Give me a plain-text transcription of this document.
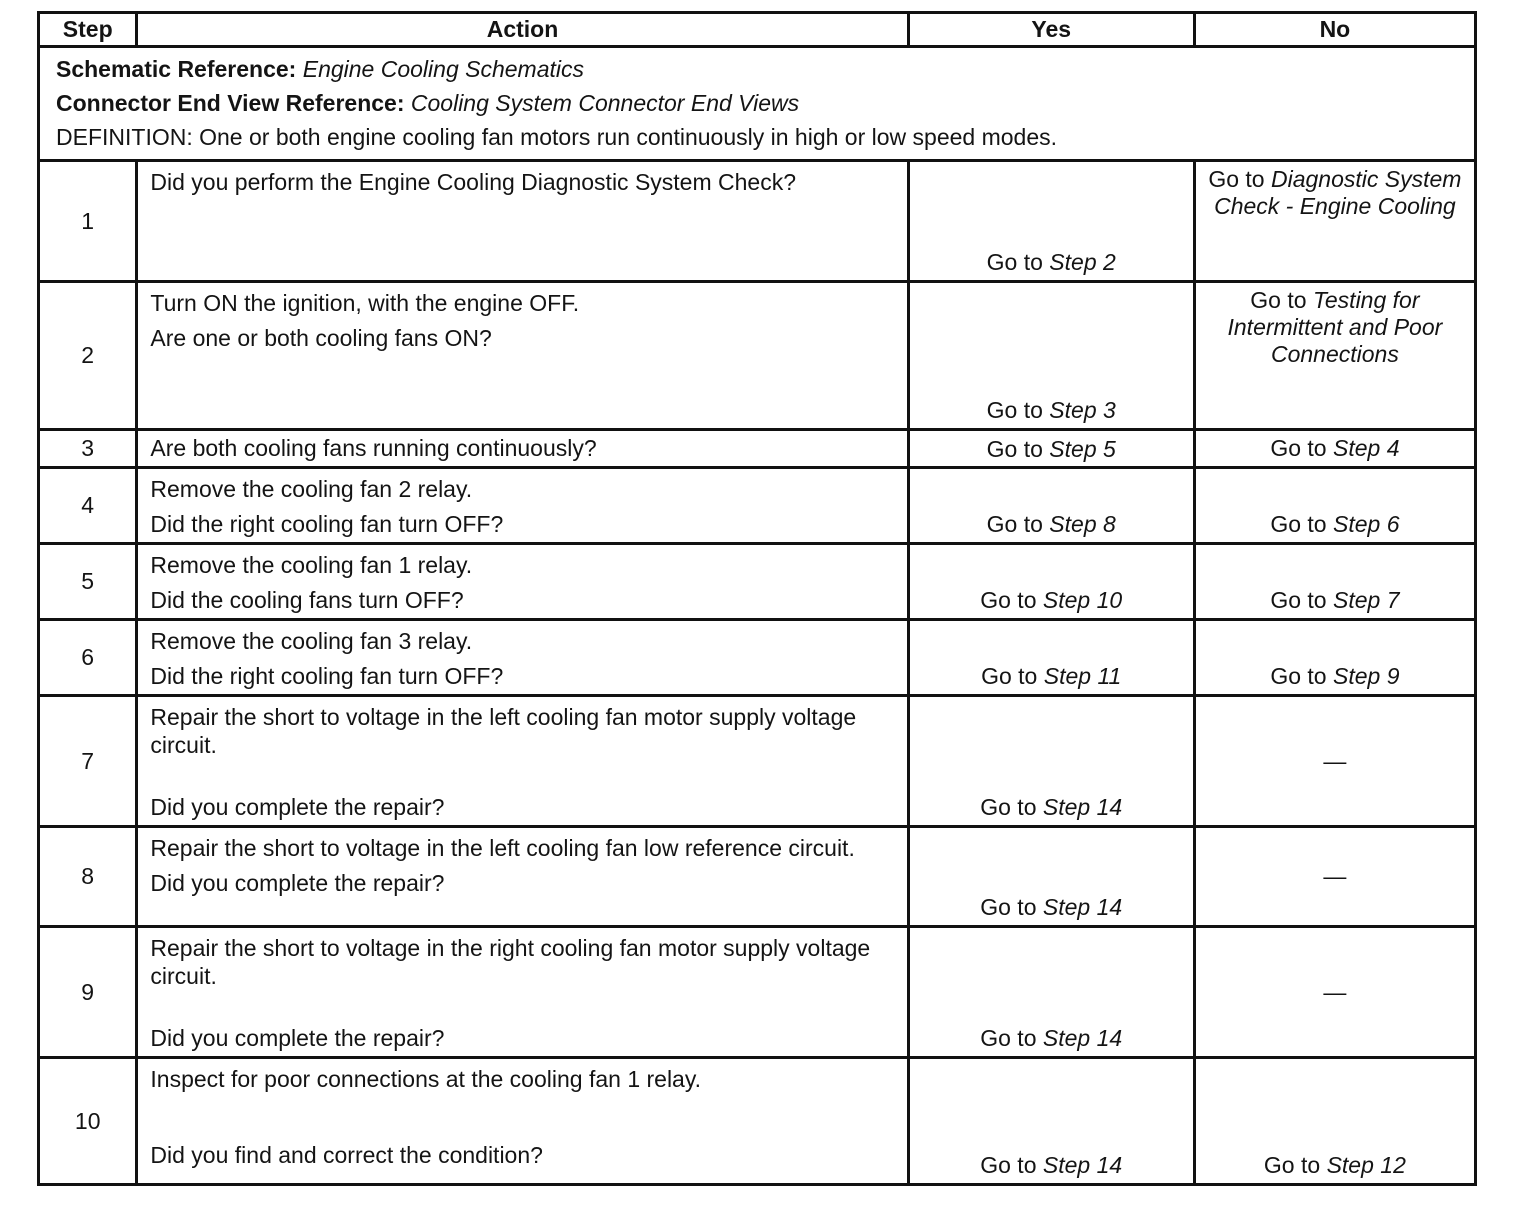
Step	Action	Yes	No

Schematic Reference: Engine Cooling Schematics
Connector End View Reference: Cooling System Connector End Views
DEFINITION: One or both engine cooling fan motors run continuously in high or low speed modes.			

1	Did you perform the Engine Cooling Diagnostic System Check?	Go to Step 2	Go to Diagnostic System Check - Engine Cooling
2	Turn ON the ignition, with the engine OFF.

Are one or both cooling fans ON?	Go to Step 3	Go to Testing for Intermittent and Poor Connections
3	Are both cooling fans running continuously?	Go to Step 5	Go to Step 4
4	Remove the cooling fan 2 relay.

Did the right cooling fan turn OFF?	Go to Step 8	Go to Step 6
5	Remove the cooling fan 1 relay.

Did the cooling fans turn OFF?	Go to Step 10	Go to Step 7
6	Remove the cooling fan 3 relay.

Did the right cooling fan turn OFF?	Go to Step 11	Go to Step 9
7	Repair the short to voltage in the left cooling fan motor supply voltage circuit.

Did you complete the repair?	Go to Step 14	—
8	Repair the short to voltage in the left cooling fan low reference circuit.

Did you complete the repair?	Go to Step 14	—
9	Repair the short to voltage in the right cooling fan motor supply voltage circuit.

Did you complete the repair?	Go to Step 14	—
10	Inspect for poor connections at the cooling fan 1 relay.

Did you find and correct the condition?	Go to Step 14	Go to Step 12
